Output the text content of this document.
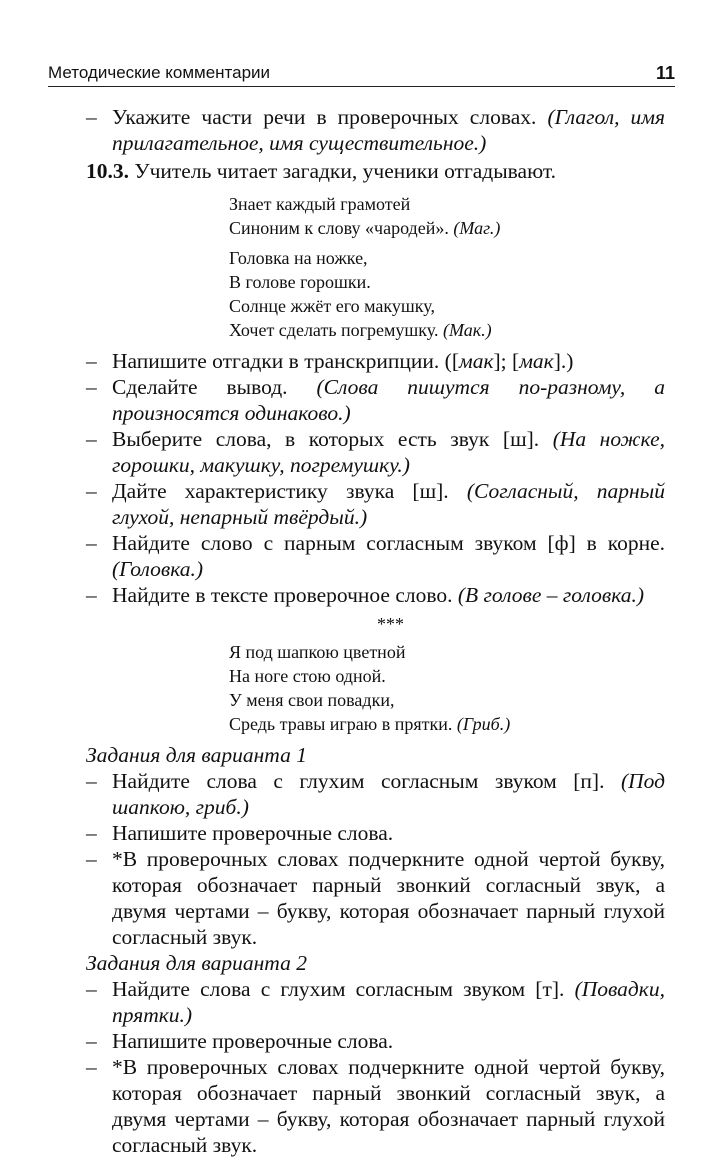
Методические комментарии	11
– Укажите части речи в проверочных словах. (Глагол, имя прилагательное, имя существительное.)
10.3. Учитель читает загадки, ученики отгадывают.
Знает каждый грамотей
Синоним к слову «чародей». (Маг.)
Головка на ножке,
В голове горошки.
Солнце жжёт его макушку,
Хочет сделать погремушку. (Мак.)
– Напишите отгадки в транскрипции. ([мак]; [мак].)
– Сделайте вывод. (Слова пишутся по-разному, а произносятся одинаково.)
– Выберите слова, в которых есть звук [ш]. (На ножке, горошки, макушку, погремушку.)
– Дайте характеристику звука [ш]. (Согласный, парный глухой, непарный твёрдый.)
– Найдите слово с парным согласным звуком [ф] в корне. (Головка.)
– Найдите в тексте проверочное слово. (В голове – головка.)
***
Я под шапкою цветной
На ноге стою одной.
У меня свои повадки,
Средь травы играю в прятки. (Гриб.)
Задания для варианта 1
– Найдите слова с глухим согласным звуком [п]. (Под шапкою, гриб.)
– Напишите проверочные слова.
– *В проверочных словах подчеркните одной чертой букву, которая обозначает парный звонкий согласный звук, а двумя чертами – букву, которая обозначает парный глухой согласный звук.
Задания для варианта 2
– Найдите слова с глухим согласным звуком [т]. (Повадки, прятки.)
– Напишите проверочные слова.
– *В проверочных словах подчеркните одной чертой букву, которая обозначает парный звонкий согласный звук, а двумя чертами – букву, которая обозначает парный глухой согласный звук.
